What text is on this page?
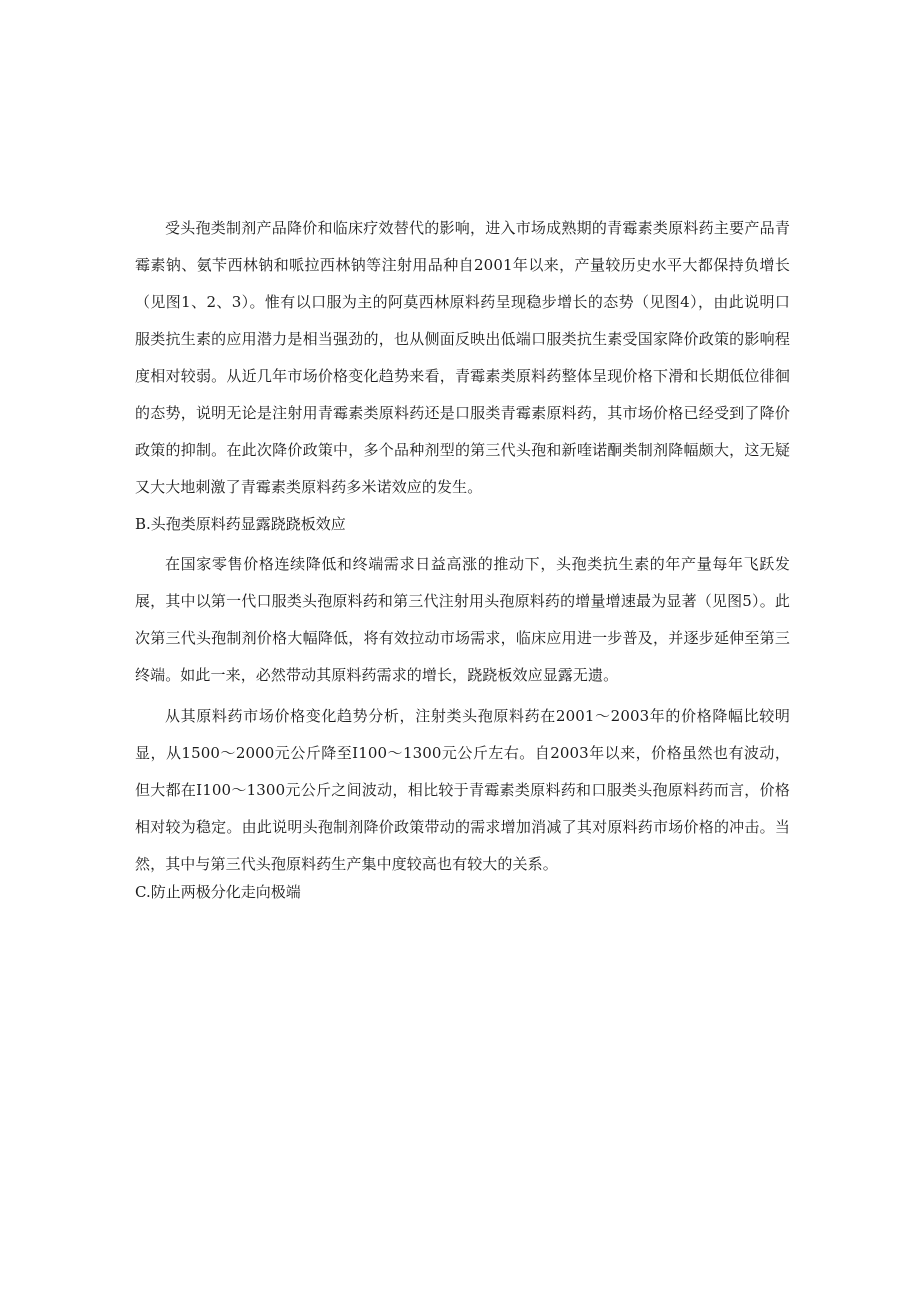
受头孢类制剂产品降价和临床疗效替代的影响，进入市场成熟期的青霉素类原料药主要产品青霉素钠、氨苄西林钠和哌拉西林钠等注射用品种自2001年以来，产量较历史水平大都保持负增长（见图1、2、3）。惟有以口服为主的阿莫西林原料药呈现稳步增长的态势（见图4），由此说明口服类抗生素的应用潜力是相当强劲的，也从侧面反映出低端口服类抗生素受国家降价政策的影响程度相对较弱。从近几年市场价格变化趋势来看，青霉素类原料药整体呈现价格下滑和长期低位徘徊的态势，说明无论是注射用青霉素类原料药还是口服类青霉素原料药，其市场价格已经受到了降价政策的抑制。在此次降价政策中，多个品种剂型的第三代头孢和新喹诺酮类制剂降幅颇大，这无疑又大大地刺激了青霉素类原料药多米诺效应的发生。

B.头孢类原料药显露跷跷板效应

在国家零售价格连续降低和终端需求日益高涨的推动下，头孢类抗生素的年产量每年飞跃发展，其中以第一代口服类头孢原料药和第三代注射用头孢原料药的增量增速最为显著（见图5）。此次第三代头孢制剂价格大幅降低，将有效拉动市场需求，临床应用进一步普及，并逐步延伸至第三终端。如此一来，必然带动其原料药需求的增长，跷跷板效应显露无遗。

从其原料药市场价格变化趋势分析，注射类头孢原料药在2001～2003年的价格降幅比较明显，从1500～2000元公斤降至I100～1300元公斤左右。自2003年以来，价格虽然也有波动，但大都在I100～1300元公斤之间波动，相比较于青霉素类原料药和口服类头孢原料药而言，价格相对较为稳定。由此说明头孢制剂降价政策带动的需求增加消减了其对原料药市场价格的冲击。当然，其中与第三代头孢原料药生产集中度较高也有较大的关系。

C.防止两极分化走向极端
